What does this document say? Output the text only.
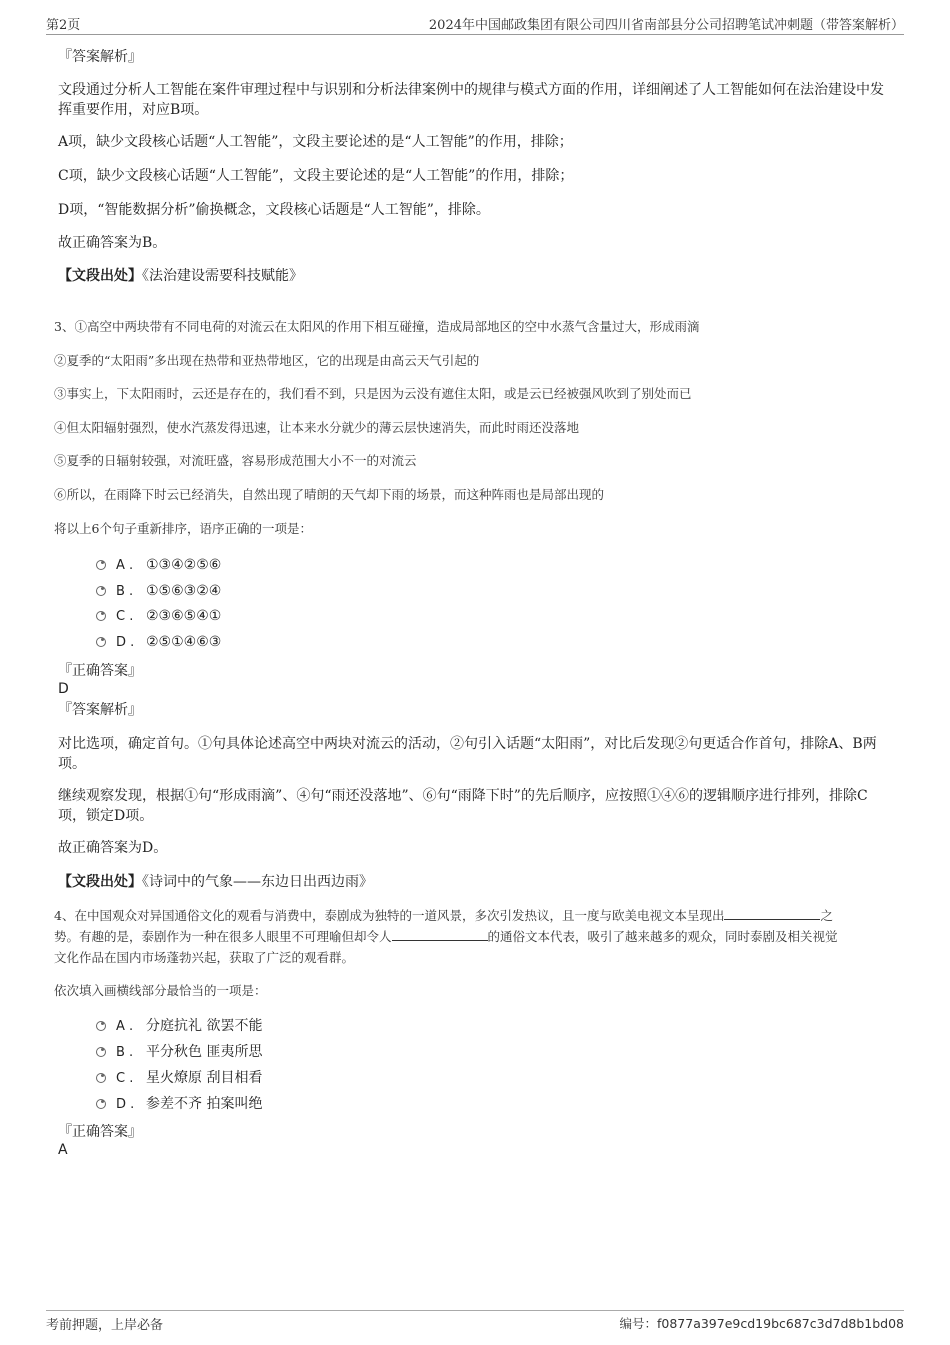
第2页	2024年中国邮政集团有限公司四川省南部县分公司招聘笔试冲刺题（带答案解析）
『答案解析』
文段通过分析人工智能在案件审理过程中与识别和分析法律案例中的规律与模式方面的作用，详细阐述了人工智能如何在法治建设中发挥重要作用，对应B项。
A项，缺少文段核心话题“人工智能”，文段主要论述的是“人工智能”的作用，排除；
C项，缺少文段核心话题“人工智能”，文段主要论述的是“人工智能”的作用，排除；
D项，“智能数据分析”偷换概念，文段核心话题是“人工智能”，排除。
故正确答案为B。
【文段出处】《法治建设需要科技赋能》
3、①高空中两块带有不同电荷的对流云在太阳风的作用下相互碰撞，造成局部地区的空中水蒸气含量过大，形成雨滴
②夏季的“太阳雨”多出现在热带和亚热带地区，它的出现是由高云天气引起的
③事实上，下太阳雨时，云还是存在的，我们看不到，只是因为云没有遮住太阳，或是云已经被强风吹到了别处而已
④但太阳辐射强烈，使水汽蒸发得迅速，让本来水分就少的薄云层快速消失，而此时雨还没落地
⑤夏季的日辐射较强，对流旺盛，容易形成范围大小不一的对流云
⑥所以，在雨降下时云已经消失，自然出现了晴朗的天气却下雨的场景，而这种阵雨也是局部出现的
将以上6个句子重新排序，语序正确的一项是：
A . ①③④②⑤⑥
B . ①⑤⑥③②④
C . ②③⑥⑤④①
D . ②⑤①④⑥③
『正确答案』
D
『答案解析』
对比选项，确定首句。①句具体论述高空中两块对流云的活动，②句引入话题“太阳雨”，对比后发现②句更适合作首句，排除A、B两项。
继续观察发现，根据①句“形成雨滴”、④句“雨还没落地”、⑥句“雨降下时”的先后顺序，应按照①④⑥的逻辑顺序进行排列，排除C项，锁定D项。
故正确答案为D。
【文段出处】《诗词中的气象——东边日出西边雨》
4、在中国观众对异国通俗文化的观看与消费中，泰剧成为独特的一道风景，多次引发热议，且一度与欧美电视文本呈现出	之
势。有趣的是，泰剧作为一种在很多人眼里不可理喻但却令人	的通俗文本代表，吸引了越来越多的观众，同时泰剧及相关视觉
文化作品在国内市场蓬勃兴起，获取了广泛的观看群。
依次填入画横线部分最恰当的一项是：
A . 分庭抗礼 欲罢不能
B . 平分秋色 匪夷所思
C . 星火燎原 刮目相看
D . 参差不齐 拍案叫绝
『正确答案』
A
考前押题，上岸必备	编号：f0877a397e9cd19bc687c3d7d8b1bd08
